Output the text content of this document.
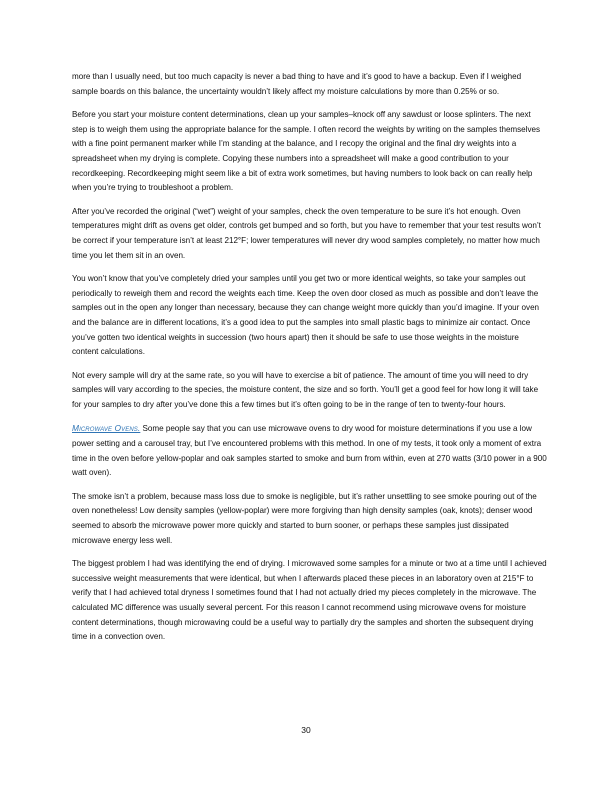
more than I usually need, but too much capacity is never a bad thing to have and it’s good to have a backup. Even if I weighed sample boards on this balance, the uncertainty wouldn’t likely affect my moisture calculations by more than 0.25% or so.

Before you start your moisture content determinations, clean up your samples–knock off any sawdust or loose splinters. The next step is to weigh them using the appropriate balance for the sample. I often record the weights by writing on the samples themselves with a fine point permanent marker while I’m standing at the balance, and I recopy the original and the final dry weights into a spreadsheet when my drying is complete. Copying these numbers into a spreadsheet will make a good contribution to your recordkeeping. Recordkeeping might seem like a bit of extra work sometimes, but having numbers to look back on can really help when you’re trying to troubleshoot a problem.

After you’ve recorded the original (“wet”) weight of your samples, check the oven temperature to be sure it’s hot enough. Oven temperatures might drift as ovens get older, controls get bumped and so forth, but you have to remember that your test results won’t be correct if your temperature isn’t at least 212°F; lower temperatures will never dry wood samples completely, no matter how much time you let them sit in an oven.

You won’t know that you’ve completely dried your samples until you get two or more identical weights, so take your samples out periodically to reweigh them and record the weights each time. Keep the oven door closed as much as possible and don’t leave the samples out in the open any longer than necessary, because they can change weight more quickly than you’d imagine. If your oven and the balance are in different locations, it’s a good idea to put the samples into small plastic bags to minimize air contact. Once you’ve gotten two identical weights in succession (two hours apart) then it should be safe to use those weights in the moisture content calculations.

Not every sample will dry at the same rate, so you will have to exercise a bit of patience. The amount of time you will need to dry samples will vary according to the species, the moisture content, the size and so forth. You’ll get a good feel for how long it will take for your samples to dry after you’ve done this a few times but it’s often going to be in the range of ten to twenty-four hours.

Microwave Ovens. Some people say that you can use microwave ovens to dry wood for moisture determinations if you use a low power setting and a carousel tray, but I’ve encountered problems with this method. In one of my tests, it took only a moment of extra time in the oven before yellow-poplar and oak samples started to smoke and burn from within, even at 270 watts (3/10 power in a 900 watt oven).

The smoke isn’t a problem, because mass loss due to smoke is negligible, but it’s rather unsettling to see smoke pouring out of the oven nonetheless! Low density samples (yellow-poplar) were more forgiving than high density samples (oak, knots); denser wood seemed to absorb the microwave power more quickly and started to burn sooner, or perhaps these samples just dissipated microwave energy less well.

The biggest problem I had was identifying the end of drying. I microwaved some samples for a minute or two at a time until I achieved successive weight measurements that were identical, but when I afterwards placed these pieces in an laboratory oven at 215°F to verify that I had achieved total dryness I sometimes found that I had not actually dried my pieces completely in the microwave. The calculated MC difference was usually several percent. For this reason I cannot recommend using microwave ovens for moisture content determinations, though microwaving could be a useful way to partially dry the samples and shorten the subsequent drying time in a convection oven.

30
